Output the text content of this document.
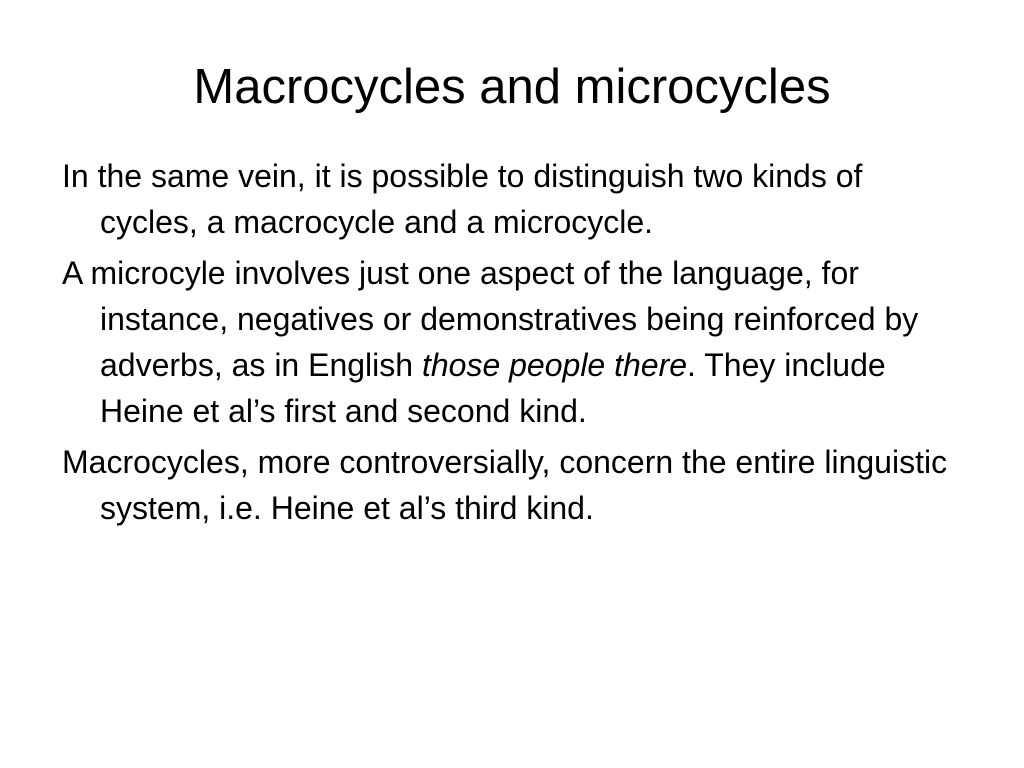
Macrocycles and microcycles
In the same vein, it is possible to distinguish two kinds of cycles, a macrocycle and a microcycle.
A microcyle involves just one aspect of the language, for instance, negatives or demonstratives being reinforced by adverbs, as in English those people there. They include Heine et al’s first and second kind.
Macrocycles, more controversially, concern the entire linguistic system, i.e. Heine et al’s third kind.
